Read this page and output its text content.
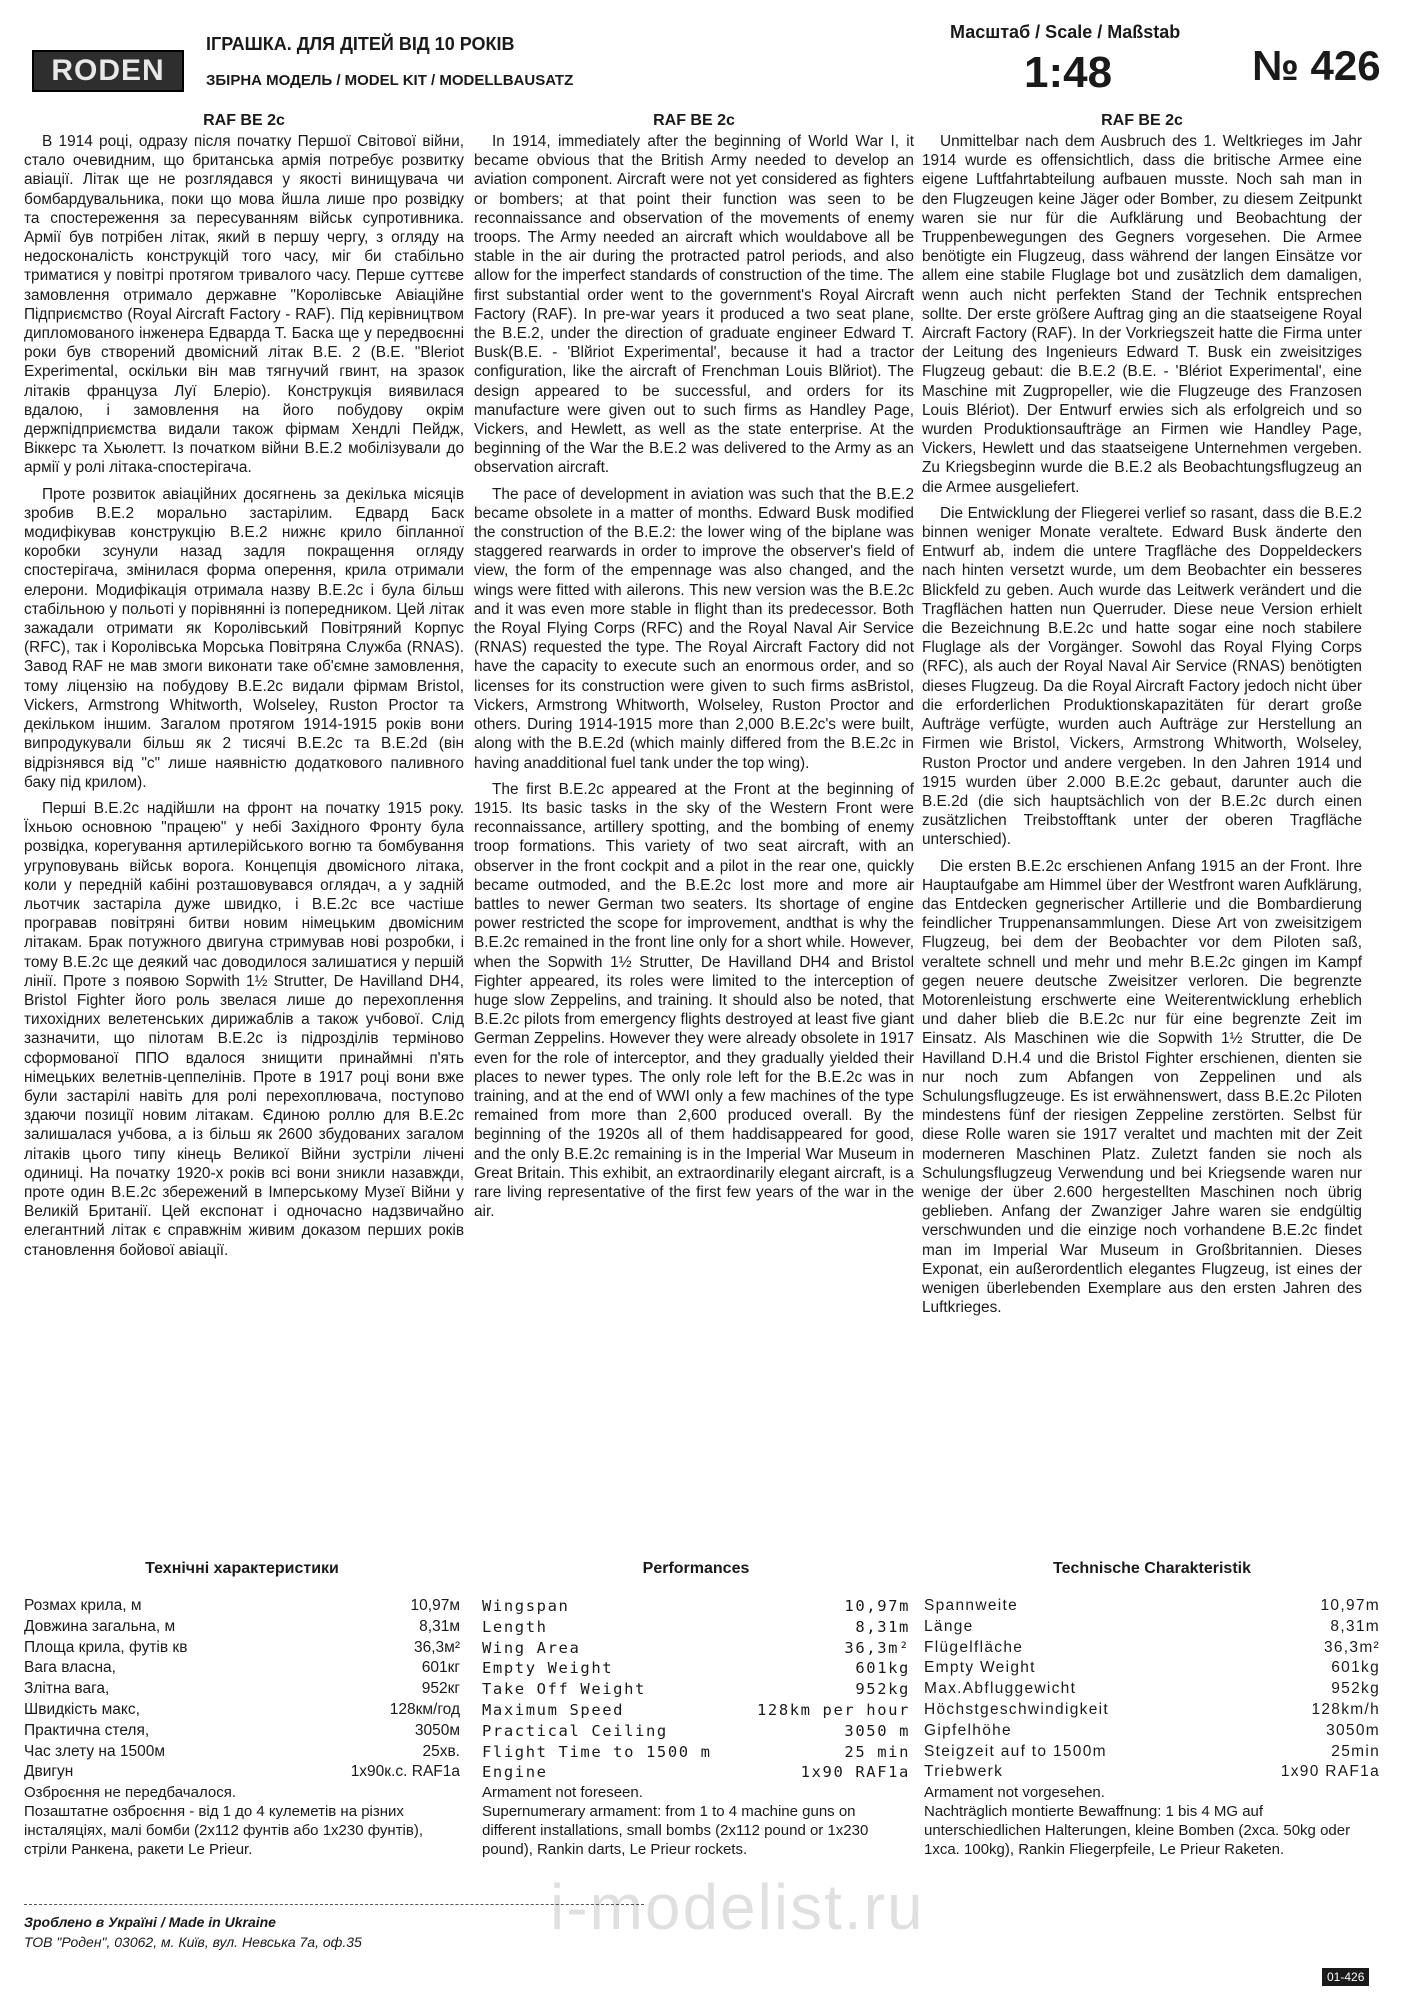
RODEN
ІГРАШКА. ДЛЯ ДІТЕЙ ВІД 10 РОКІВ
ЗБІРНА МОДЕЛЬ / MODEL KIT / MODELLBAUSATZ
Масштаб / Scale / Maßstab
1:48	№ 426
RAF BE 2c

В 1914 році, одразу після початку Першої Світової війни, стало очевидним, що британська армія потребує розвитку авіації. Літак ще не розглядався у якості винищувача чи бомбардувальника, поки що мова йшла лише про розвідку та спостереження за пересуванням військ супротивника. Армії був потрібен літак, який в першу чергу, з огляду на недосконалість конструкцій того часу, міг би стабільно триматися у повітрі протягом тривалого часу. Перше суттєве замовлення отримало державне "Королівське Авіаційне Підприємство (Royal Aircraft Factory - RAF). Під керівництвом дипломованого інженера Едварда Т. Баска ще у передвоєнні роки був створений двомісний літак B.E. 2 (B.E. "Bleriot Experimental, оскільки він мав тягнучий гвинт, на зразок літаків француза Луї Блеріо). Конструкція виявилася вдалою, і замовлення на його побудову окрім держпідприємства видали також фірмам Хендлі Пейдж, Віккерс та Хьюлетт. Із початком війни B.E.2 мобілізували до армії у ролі літака-спостерігача.

Проте розвиток авіаційних досягнень за декілька місяців зробив B.E.2 морально застарілим. Едвард Баск модифікував конструкцію B.E.2 нижнє крило біпланної коробки зсунули назад задля покращення огляду спостерігача, змінилася форма оперення, крила отримали елерони. Модифікація отримала назву B.E.2c і була більш стабільною у польоті у порівнянні із попередником. Цей літак зажадали отримати як Королівський Повітряний Корпус (RFC), так і Королівська Морська Повітряна Служба (RNAS). Завод RAF не мав змоги виконати таке об'ємне замовлення, тому ліцензію на побудову B.E.2c видали фірмам Bristol, Vickers, Armstrong Whitworth, Wolseley, Ruston Proctor та декільком іншим. Загалом протягом 1914-1915 років вони випродукували більш як 2 тисячі B.E.2c та B.E.2d (він відрізнявся від "c" лише наявністю додаткового паливного баку під крилом).

Перші B.E.2c надійшли на фронт на початку 1915 року. Їхньою основною "працею" у небі Західного Фронту була розвідка, корегування артилерійського вогню та бомбування угруповувань військ ворога. Концепція двомісного літака, коли у передній кабіні розташовувався оглядач, а у задній льотчик застаріла дуже швидко, і B.E.2c все частіше програвав повітряні битви новим німецьким двомісним літакам. Брак потужного двигуна стримував нові розробки, і тому B.E.2c ще деякий час доводилося залишатися у першій лінії. Проте з появою Sopwith 1½ Strutter, De Havilland DH4, Bristol Fighter його роль звелася лише до перехоплення тихохідних велетенських дирижаблів а також учбової. Слід зазначити, що пілотам B.E.2c із підрозділів терміново сформованої ППО вдалося знищити принаймні п'ять німецьких велетнів-цеппелінів. Проте в 1917 році вони вже були застарілі навіть для ролі перехоплювача, поступово здаючи позиції новим літакам. Єдиною роллю для B.E.2c залишалася учбова, а із більш як 2600 збудованих загалом літаків цього типу кінець Великої Війни зустріли лічені одиниці. На початку 1920-х років всі вони зникли назавжди, проте один B.E.2c збережений в Імперському Музеї Війни у Великій Британії. Цей експонат і одночасно надзвичайно елегантний літак є справжнім живим доказом перших років становлення бойової авіації.

RAF BE 2c

In 1914, immediately after the beginning of World War I, it became obvious that the British Army needed to develop an aviation component. Aircraft were not yet considered as fighters or bombers; at that point their function was seen to be reconnaissance and observation of the movements of enemy troops. The Army needed an aircraft which wouldabove all be stable in the air during the protracted patrol periods, and also allow for the imperfect standards of construction of the time. The first substantial order went to the government's Royal Aircraft Factory (RAF). In pre-war years it produced a two seat plane, the B.E.2, under the direction of graduate engineer Edward T. Busk(B.E. - 'Blйriot Experimental', because it had a tractor configuration, like the aircraft of Frenchman Louis Blйriot). The design appeared to be successful, and orders for its manufacture were given out to such firms as Handley Page, Vickers, and Hewlett, as well as the state enterprise. At the beginning of the War the B.E.2 was delivered to the Army as an observation aircraft.

The pace of development in aviation was such that the B.E.2 became obsolete in a matter of months. Edward Busk modified the construction of the B.E.2: the lower wing of the biplane was staggered rearwards in order to improve the observer's field of view, the form of the empennage was also changed, and the wings were fitted with ailerons. This new version was the B.E.2c and it was even more stable in flight than its predecessor. Both the Royal Flying Corps (RFC) and the Royal Naval Air Service (RNAS) requested the type. The Royal Aircraft Factory did not have the capacity to execute such an enormous order, and so licenses for its construction were given to such firms asBristol, Vickers, Armstrong Whitworth, Wolseley, Ruston Proctor and others. During 1914-1915 more than 2,000 B.E.2c's were built, along with the B.E.2d (which mainly differed from the B.E.2c in having anadditional fuel tank under the top wing).

The first B.E.2c appeared at the Front at the beginning of 1915. Its basic tasks in the sky of the Western Front were reconnaissance, artillery spotting, and the bombing of enemy troop formations. This variety of two seat aircraft, with an observer in the front cockpit and a pilot in the rear one, quickly became outmoded, and the B.E.2c lost more and more air battles to newer German two seaters. Its shortage of engine power restricted the scope for improvement, andthat is why the B.E.2c remained in the front line only for a short while. However, when the Sopwith 1½ Strutter, De Havilland DH4 and Bristol Fighter appeared, its roles were limited to the interception of huge slow Zeppelins, and training. It should also be noted, that B.E.2c pilots from emergency flights destroyed at least five giant German Zeppelins. However they were already obsolete in 1917 even for the role of interceptor, and they gradually yielded their places to newer types. The only role left for the B.E.2c was in training, and at the end of WWI only a few machines of the type remained from more than 2,600 produced overall. By the beginning of the 1920s all of them haddisappeared for good, and the only B.E.2c remaining is in the Imperial War Museum in Great Britain. This exhibit, an extraordinarily elegant aircraft, is a rare living representative of the first few years of the war in the air.

RAF BE 2c

Unmittelbar nach dem Ausbruch des 1. Weltkrieges im Jahr 1914 wurde es offensichtlich, dass die britische Armee eine eigene Luftfahrtabteilung aufbauen musste. Noch sah man in den Flugzeugen keine Jäger oder Bomber, zu diesem Zeitpunkt waren sie nur für die Aufklärung und Beobachtung der Truppenbewegungen des Gegners vorgesehen. Die Armee benötigte ein Flugzeug, dass während der langen Einsätze vor allem eine stabile Fluglage bot und zusätzlich dem damaligen, wenn auch nicht perfekten Stand der Technik entsprechen sollte. Der erste größere Auftrag ging an die staatseigene Royal Aircraft Factory (RAF). In der Vorkriegszeit hatte die Firma unter der Leitung des Ingenieurs Edward T. Busk ein zweisitziges Flugzeug gebaut: die B.E.2 (B.E. - 'Blériot Experimental', eine Maschine mit Zugpropeller, wie die Flugzeuge des Franzosen Louis Blériot). Der Entwurf erwies sich als erfolgreich und so wurden Produktionsaufträge an Firmen wie Handley Page, Vickers, Hewlett und das staatseigene Unternehmen vergeben. Zu Kriegsbeginn wurde die B.E.2 als Beobachtungsflugzeug an die Armee ausgeliefert.

Die Entwicklung der Fliegerei verlief so rasant, dass die B.E.2 binnen weniger Monate veraltete. Edward Busk änderte den Entwurf ab, indem die untere Tragfläche des Doppeldeckers nach hinten versetzt wurde, um dem Beobachter ein besseres Blickfeld zu geben. Auch wurde das Leitwerk verändert und die Tragflächen hatten nun Querruder. Diese neue Version erhielt die Bezeichnung B.E.2c und hatte sogar eine noch stabilere Fluglage als der Vorgänger. Sowohl das Royal Flying Corps (RFC), als auch der Royal Naval Air Service (RNAS) benötigten dieses Flugzeug. Da die Royal Aircraft Factory jedoch nicht über die erforderlichen Produktionskapazitäten für derart große Aufträge verfügte, wurden auch Aufträge zur Herstellung an Firmen wie Bristol, Vickers, Armstrong Whitworth, Wolseley, Ruston Proctor und andere vergeben. In den Jahren 1914 und 1915 wurden über 2.000 B.E.2c gebaut, darunter auch die B.E.2d (die sich hauptsächlich von der B.E.2c durch einen zusätzlichen Treibstofftank unter der oberen Tragfläche unterschied).

Die ersten B.E.2c erschienen Anfang 1915 an der Front. Ihre Hauptaufgabe am Himmel über der Westfront waren Aufklärung, das Entdecken gegnerischer Artillerie und die Bombardierung feindlicher Truppenansammlungen. Diese Art von zweisitzigem Flugzeug, bei dem der Beobachter vor dem Piloten saß, veraltete schnell und mehr und mehr B.E.2c gingen im Kampf gegen neuere deutsche Zweisitzer verloren. Die begrenzte Motorenleistung erschwerte eine Weiterentwicklung erheblich und daher blieb die B.E.2c nur für eine begrenzte Zeit im Einsatz. Als Maschinen wie die Sopwith 1½ Strutter, die De Havilland D.H.4 und die Bristol Fighter erschienen, dienten sie nur noch zum Abfangen von Zeppelinen und als Schulungsflugzeuge. Es ist erwähnenswert, dass B.E.2c Piloten mindestens fünf der riesigen Zeppeline zerstörten. Selbst für diese Rolle waren sie 1917 veraltet und machten mit der Zeit moderneren Maschinen Platz. Zuletzt fanden sie noch als Schulungsflugzeug Verwendung und bei Kriegsende waren nur wenige der über 2.600 hergestellten Maschinen noch übrig geblieben. Anfang der Zwanziger Jahre waren sie endgültig verschwunden und die einzige noch vorhandene B.E.2c findet man im Imperial War Museum in Großbritannien. Dieses Exponat, ein außerordentlich elegantes Flugzeug, ist eines der wenigen überlebenden Exemplare aus den ersten Jahren des Luftkrieges.

Технічні характеристики
Розмах крила, м	10,97м
Довжина загальна, м	8,31м
Площа крила, футів кв	36,3м²
Вага власна,	601кг
Злітна вага,	952кг
Швидкість макс,	128км/год
Практична стеля,	3050м
Час злету на 1500м	25хв.
Двигун	1x90к.с. RAF1a

Озброєння не передбачалося.

Позаштатне озброєння - від 1 до 4 кулеметів на різних інсталяціях, малі бомби (2х112 фунтів або 1х230 фунтів), стріли Ранкена, ракети Le Prieur.

Performances
Wingspan	10,97m
Length	8,31m
Wing Area	36,3m²
Empty Weight	601kg
Take Off Weight	952kg
Maximum Speed	128km per hour
Practical Ceiling	3050 m
Flight Time to 1500 m	25 min
Engine	1x90 RAF1a

Armament not foreseen.

Supernumerary armament: from 1 to 4 machine guns on different installations, small bombs (2x112 pound or 1x230 pound), Rankin darts, Le Prieur rockets.

Technische Charakteristik
Spannweite	10,97m
Länge	8,31m
Flügelfläche	36,3m²
Empty Weight	601kg
Max.Abfluggewicht	952kg
Höchstgeschwindigkeit	128km/h
Gipfelhöhe	3050m
Steigzeit auf to 1500m	25min
Triebwerk	1x90 RAF1a

Armament not vorgesehen.

Nachträglich montierte Bewaffnung: 1 bis 4 MG auf unterschiedlichen Halterungen, kleine Bomben (2xca. 50kg oder 1xca. 100kg), Rankin Fliegerpfeile, Le Prieur Raketen.

i-modelist.ru
Зроблено в Україні / Made in Ukraine
ТОВ "Роден", 03062, м. Київ, вул. Невська 7а, оф.35
01-426
